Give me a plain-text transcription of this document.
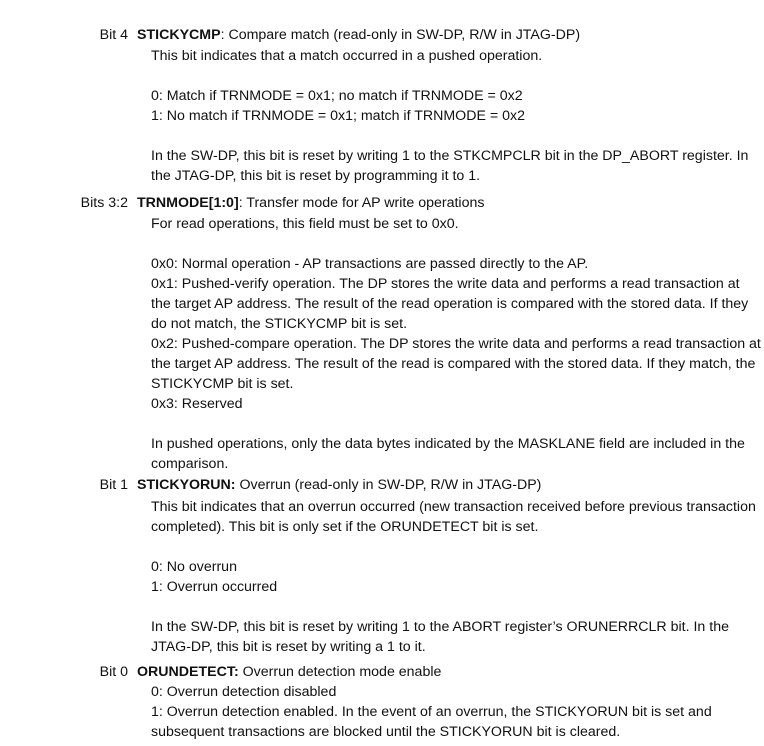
Bit 4 STICKYCMP: Compare match (read-only in SW-DP, R/W in JTAG-DP)

This bit indicates that a match occurred in a pushed operation.

0: Match if TRNMODE = 0x1; no match if TRNMODE = 0x2

1: No match if TRNMODE = 0x1; match if TRNMODE = 0x2

In the SW-DP, this bit is reset by writing 1 to the STKCMPCLR bit in the DP_ABORT register. In the JTAG-DP, this bit is reset by programming it to 1.

Bits 3:2 TRNMODE[1:0]: Transfer mode for AP write operations

For read operations, this field must be set to 0x0.

0x0: Normal operation - AP transactions are passed directly to the AP.

0x1: Pushed-verify operation. The DP stores the write data and performs a read transaction at the target AP address. The result of the read operation is compared with the stored data. If they do not match, the STICKYCMP bit is set.

0x2: Pushed-compare operation. The DP stores the write data and performs a read transaction at the target AP address. The result of the read is compared with the stored data. If they match, the STICKYCMP bit is set.

0x3: Reserved

In pushed operations, only the data bytes indicated by the MASKLANE field are included in the comparison.

Bit 1 STICKYORUN: Overrun (read-only in SW-DP, R/W in JTAG-DP)

This bit indicates that an overrun occurred (new transaction received before previous transaction completed). This bit is only set if the ORUNDETECT bit is set.

0: No overrun

1: Overrun occurred

In the SW-DP, this bit is reset by writing 1 to the ABORT register’s ORUNERRCLR bit. In the JTAG-DP, this bit is reset by writing a 1 to it.

Bit 0 ORUNDETECT: Overrun detection mode enable

0: Overrun detection disabled

1: Overrun detection enabled. In the event of an overrun, the STICKYORUN bit is set and subsequent transactions are blocked until the STICKYORUN bit is cleared.
